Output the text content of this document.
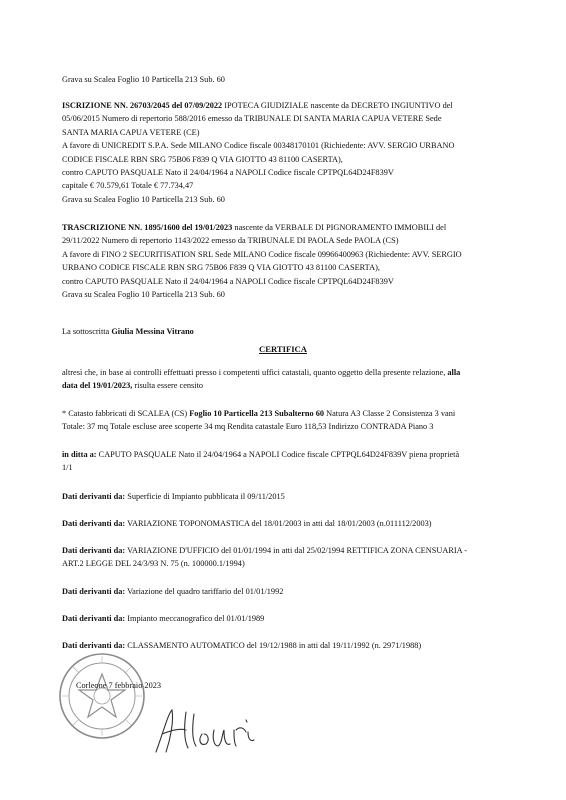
Grava su Scalea Foglio 10 Particella 213 Sub. 60

ISCRIZIONE NN. 26703/2045 del 07/09/2022 IPOTECA GIUDIZIALE nascente da DECRETO INGIUNTIVO del
05/06/2015 Numero di repertorio 588/2016 emesso da TRIBUNALE DI SANTA MARIA CAPUA VETERE Sede
SANTA MARIA CAPUA VETERE (CE)
A favore di UNICREDIT S.P.A. Sede MILANO Codice fiscale 00348170101 (Richiedente: AVV. SERGIO URBANO
CODICE FISCALE RBN SRG 75B06 F839 Q VIA GIOTTO 43 81100 CASERTA),
contro CAPUTO PASQUALE Nato il 24/04/1964 a NAPOLI Codice fiscale CPTPQL64D24F839V
capitale € 70.579,61 Totale € 77.734,47
Grava su Scalea Foglio 10 Particella 213 Sub. 60

TRASCRIZIONE NN. 1895/1600 del 19/01/2023 nascente da VERBALE DI PIGNORAMENTO IMMOBILI del
29/11/2022 Numero di repertorio 1143/2022 emesso da TRIBUNALE DI PAOLA Sede PAOLA (CS)
A favore di FINO 2 SECURITISATION SRL Sede MILANO Codice fiscale 09966400963 (Richiedente: AVV. SERGIO
URBANO CODICE FISCALE RBN SRG 75B06 F839 Q VIA GIOTTO 43 81100 CASERTA),
contro CAPUTO PASQUALE Nato il 24/04/1964 a NAPOLI Codice fiscale CPTPQL64D24F839V
Grava su Scalea Foglio 10 Particella 213 Sub. 60

La sottoscritta Giulia Messina Vitrano

CERTIFICA

altresì che, in base ai controlli effettuati presso i competenti uffici catastali, quanto oggetto della presente relazione, alla
data del 19/01/2023, risulta essere censito

* Catasto fabbricati di SCALEA (CS) Foglio 10 Particella 213 Subalterno 60 Natura A3 Classe 2 Consistenza 3 vani
Totale: 37 mq Totale escluse aree scoperte 34 mq Rendita catastale Euro 118,53 Indirizzo CONTRADA Piano 3

in ditta a: CAPUTO PASQUALE Nato il 24/04/1964 a NAPOLI Codice fiscale CPTPQL64D24F839V piena proprietà
1/1

Dati derivanti da: Superficie di Impianto pubblicata il 09/11/2015

Dati derivanti da: VARIAZIONE TOPONOMASTICA del 18/01/2003 in atti dal 18/01/2003 (n.011112/2003)

Dati derivanti da: VARIAZIONE D'UFFICIO del 01/01/1994 in atti dal 25/02/1994 RETTIFICA ZONA CENSUARIA -
ART.2 LEGGE DEL 24/3/93 N. 75 (n. 100000.1/1994)

Dati derivanti da: Variazione del quadro tariffario del 01/01/1992

Dati derivanti da: Impianto meccanografico del 01/01/1989

Dati derivanti da: CLASSAMENTO AUTOMATICO del 19/12/1988 in atti dal 19/11/1992 (n. 2971/1988)

Corleone 7 febbraio 2023
